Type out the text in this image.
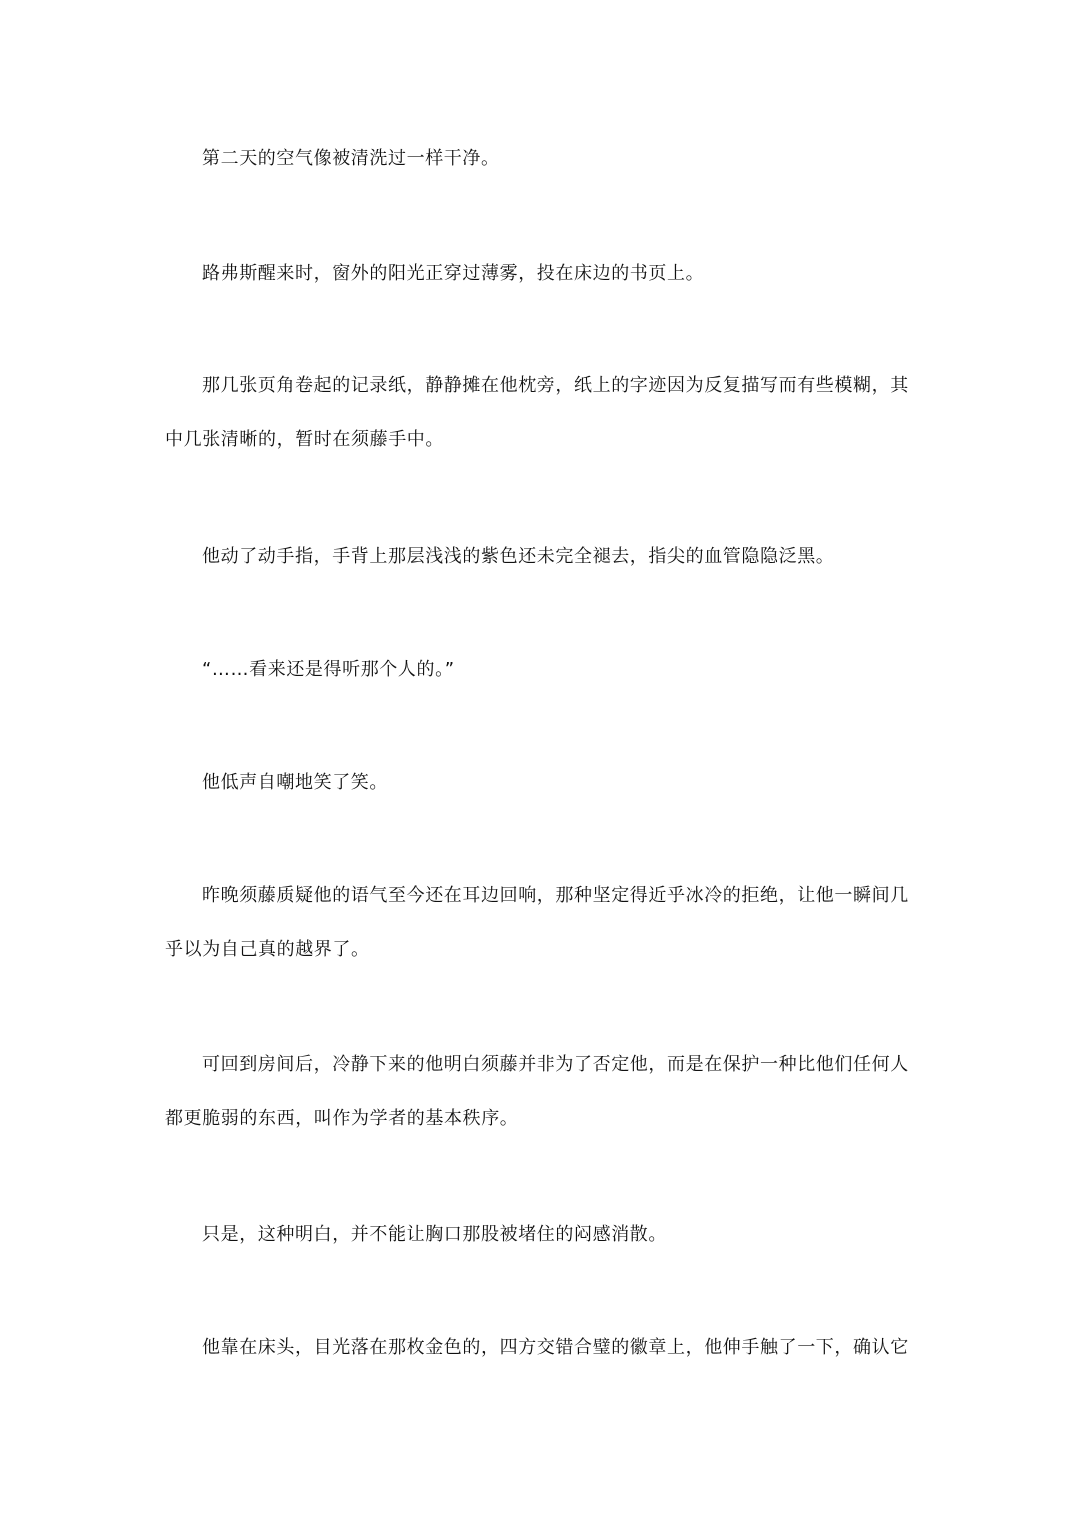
第二天的空气像被清洗过一样干净。

路弗斯醒来时，窗外的阳光正穿过薄雾，投在床边的书页上。

那几张页角卷起的记录纸，静静摊在他枕旁，纸上的字迹因为反复描写而有些模糊，其中几张清晰的，暂时在须藤手中。

他动了动手指，手背上那层浅浅的紫色还未完全褪去，指尖的血管隐隐泛黑。

“……看来还是得听那个人的。”

他低声自嘲地笑了笑。

昨晚须藤质疑他的语气至今还在耳边回响，那种坚定得近乎冰冷的拒绝，让他一瞬间几乎以为自己真的越界了。

可回到房间后，冷静下来的他明白须藤并非为了否定他，而是在保护一种比他们任何人都更脆弱的东西，叫作为学者的基本秩序。

只是，这种明白，并不能让胸口那股被堵住的闷感消散。

他靠在床头，目光落在那枚金色的，四方交错合璧的徽章上，他伸手触了一下，确认它
